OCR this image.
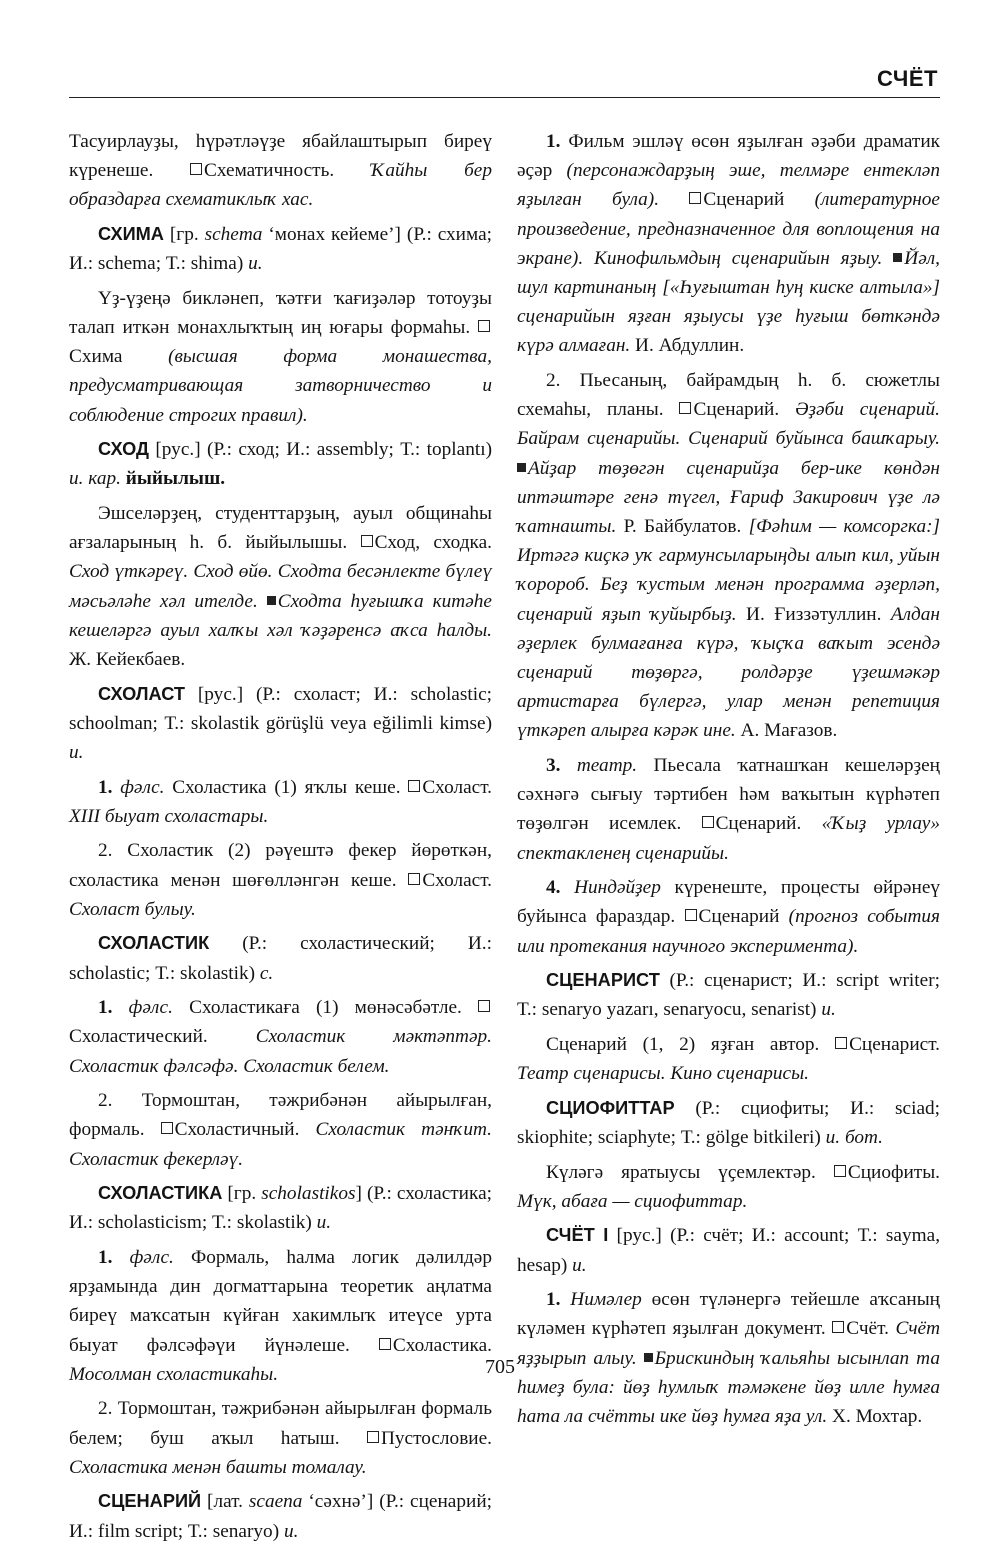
СЧЁТ

Тасуирлауҙы, һүрәтләүҙе ябайлаштырып биреү күренеше. Схематичность. Ҡайһы бер образдарға схематиклыҡ хас.

СХИМА [гр. schema ‘монах кейеме’] (Р.: схима; И.: schema; Т.: shima) и.

Үҙ-үҙеңә бикләнеп, ҡәтғи ҡағиҙәләр тотоуҙы талап иткән монахлыҡтың иң юғары формаһы. Схима (высшая форма монашества, предусматривающая затворничество и соблюдение строгих правил).

СХОД [рус.] (Р.: сход; И.: assembly; Т.: toplantı) и. кар. йыйылыш.

Эшселәрҙең, студенттарҙың, ауыл общинаһы ағзаларының һ. б. йыйылышы. Сход, сходка. Сход үткәреү. Сход өйө. Сходта бесәнлекте бүлеү мәсьәләһе хәл ителде. Сходта һуғышҡа китәһе кешеләргә ауыл халҡы хәл ҡәҙәренсә аҡса һалды. Ж. Кейекбаев.

СХОЛАСТ [рус.] (Р.: схоласт; И.: scholastic; schoolman; Т.: skolastik görüşlü veya eğilimli kimse) и.

1. фәлс. Схоластика (1) яҡлы кеше. Схоласт. XIII быуат схоластары.

2. Схоластик (2) рәүештә фекер йөрөткән, схоластика менән шөғөлләнгән кеше. Схоласт. Схоласт булыу.

СХОЛАСТИК (Р.: схоластический; И.: scholastic; Т.: skolastik) с.

1. фәлс. Схоластикаға (1) мөнәсәбәтле. Схоластический. Схоластик мәктәптәр. Схоластик фәлсәфә. Схоластик белем.

2. Тормоштан, тәжрибәнән айырылған, формаль. Схоластичный. Схоластик тәнҡит. Схоластик фекерләү.

СХОЛАСТИКА [гр. scholastikos] (Р.: схоластика; И.: scholasticism; Т.: skolastik) и.

1. фәлс. Формаль, һалма логик дәлилдәр ярҙамында дин догматтарына теоретик аңлатма биреү маҡсатын күйған хакимлыҡ итеүсе урта быуат фәлсәфәүи йүнәлеше. Схоластика. Мосолман схоластикаһы.

2. Тормоштан, тәжрибәнән айырылған формаль белем; буш аҡыл һатыш. Пустословие. Схоластика менән башты томалау.

СЦЕНАРИЙ [лат. scaena ‘сәхнә’] (Р.: сценарий; И.: film script; Т.: senaryo) и.

1. Фильм эшләү өсөн яҙылған әҙәби драматик әҫәр (персонаждарҙың эше, телмәре ентекләп яҙылған була). Сценарий (литературное произведение, предназначенное для воплощения на экране). Кинофильмдың сценарийын яҙыу. Йәл, шул картинаның [«Һуғыштан һуң киске алтыла»] сценарийын яҙған яҙыусы үҙе һуғыш бөткәндә күрә алмаған. И. Абдуллин.

2. Пьесаның, байрамдың һ. б. сюжетлы схемаһы, планы. Сценарий. Әҙәби сценарий. Байрам сценарийы. Сценарий буйынса башҡарыу. Айҙар төҙөгән сценарийҙа бер-ике көндән иптәштәре генә түгел, Ғариф Закирович үҙе лә ҡатнашты. Р. Байбулатов. [Фәһим — комсоргка:] Иртәгә киҫкә уҡ гармунсыларыңды алып кил, уйын ҡоророб. Беҙ ҡустым менән программа әҙерләп, сценарий яҙып ҡуйырбыҙ. И. Ғиззәтуллин. Алдан әҙерлек булмағанға күрә, ҡыҫҡа ваҡыт эсендә сценарий төҙөргә, ролдәрҙе үҙешмәкәр артистарға бүлергә, улар менән репетиция үткәреп алырға кәрәк ине. А. Мағазов.

3. театр. Пьесала ҡатнашҡан кешеләрҙең сәхнәгә сығыу тәртибен һәм ваҡытын күрһәтеп төҙөлгән исемлек. Сценарий. «Ҡыҙ урлау» спектакленең сценарийы.

4. Ниндәйҙер күренеште, процесты өйрәнеү буйынса фараздар. Сценарий (прогноз события или протекания научного эксперимента).

СЦЕНАРИСТ (Р.: сценарист; И.: script writer; Т.: senaryo yazarı, senaryocu, senarist) и.

Сценарий (1, 2) яҙған автор. Сценарист. Театр сценарисы. Кино сценарисы.

СЦИОФИТТАР (Р.: сциофиты; И.: sciad; skiophite; sciaphyte; Т.: gölge bitkileri) и. бот.

Күләгә яратыусы үҫемлектәр. Сциофиты. Мүк, абаға — сциофиттар.

СЧЁТ I [рус.] (Р.: счёт; И.: account; Т.: sayma, hesap) и.

1. Нимәлер өсөн түләнергә тейешле аҡсаның күләмен күрһәтеп яҙылған документ. Счёт. Счёт яҙҙырып алыу. Брискиндың ҡальяһы ысынлап та һимеҙ була: йөҙ һумлыҡ тәмәкене йөҙ илле һумға һата ла счётты ике йөҙ һумға яҙа ул. Х. Мохтар.

705
